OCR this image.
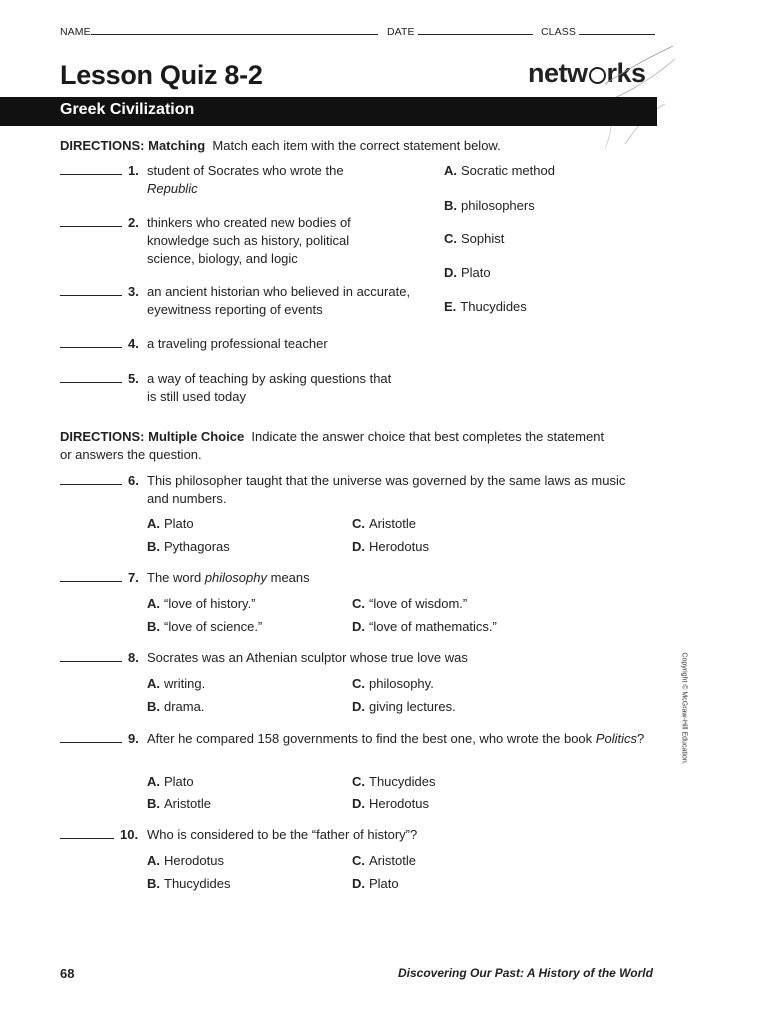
NAME	DATE	CLASS
Lesson Quiz 8-2	netw rks
Greek Civilization
DIRECTIONS: Matching Match each item with the correct statement below.
1. student of Socrates who wrote the
Republic
2. thinkers who created new bodies of knowledge such as history, political science, biology, and logic
3. an ancient historian who believed in accurate, eyewitness reporting of events
4. a traveling professional teacher
5. a way of teaching by asking questions that is still used today
A. Socratic method
B. philosophers
C. Sophist
D. Plato
E. Thucydides
DIRECTIONS: Multiple Choice Indicate the answer choice that best completes the statement or answers the question.
6. This philosopher taught that the universe was governed by the same laws as music and numbers.
A. Plato
B. Pythagoras
C. Aristotle
D. Herodotus
7. The word philosophy means
A. “love of history.”
B. “love of science.”
C. “love of wisdom.”
D. “love of mathematics.”
8. Socrates was an Athenian sculptor whose true love was
A. writing.
B. drama.
C. philosophy.
D. giving lectures.
9. After he compared 158 governments to find the best one, who wrote the book Politics?
A. Plato
B. Aristotle
C. Thucydides
D. Herodotus
10. Who is considered to be the “father of history”?
A. Herodotus
B. Thucydides
C. Aristotle
D. Plato
Copyright © McGraw-Hill Education.
68	Discovering Our Past: A History of the World
